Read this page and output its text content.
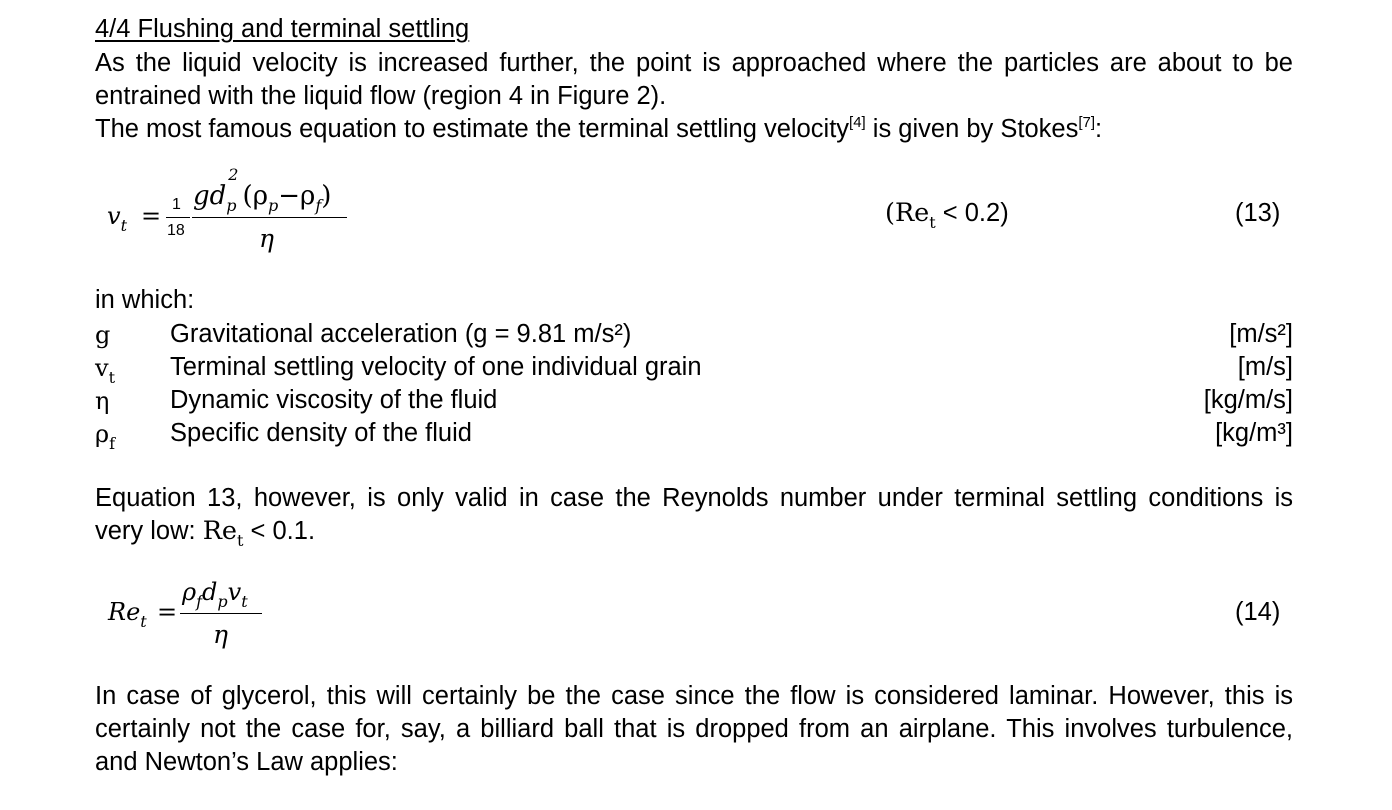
4/4 Flushing and terminal settling
As the liquid velocity is increased further, the point is approached where the particles are about to be
entrained with the liquid flow (region 4 in Figure 2).
The most famous equation to estimate the terminal settling velocity[4] is given by Stokes[7]:
$v_t = 1$
18
$gd_p$
2
$(\rho_p-\rho_f)$
η
$(Re_t < 0.2)$	(13)
in which:
g Gravitational acceleration (g = 9.81 m/s²)	[m/s²]
$v_t$ Terminal settling velocity of one individual grain	[m/s]
η Dynamic viscosity of the fluid	[kg/m/s]
$\rho_f$ Specific density of the fluid	[kg/m³]
Equation 13, however, is only valid in case the Reynolds number under terminal settling conditions is
very low: $Re_t < 0.1$.
$Re_t$ =
$\rho_fd_pv_t$
η
(14)
In case of glycerol, this will certainly be the case since the flow is considered laminar. However, this is
certainly not the case for, say, a billiard ball that is dropped from an airplane. This involves turbulence,
and Newton’s Law applies:
